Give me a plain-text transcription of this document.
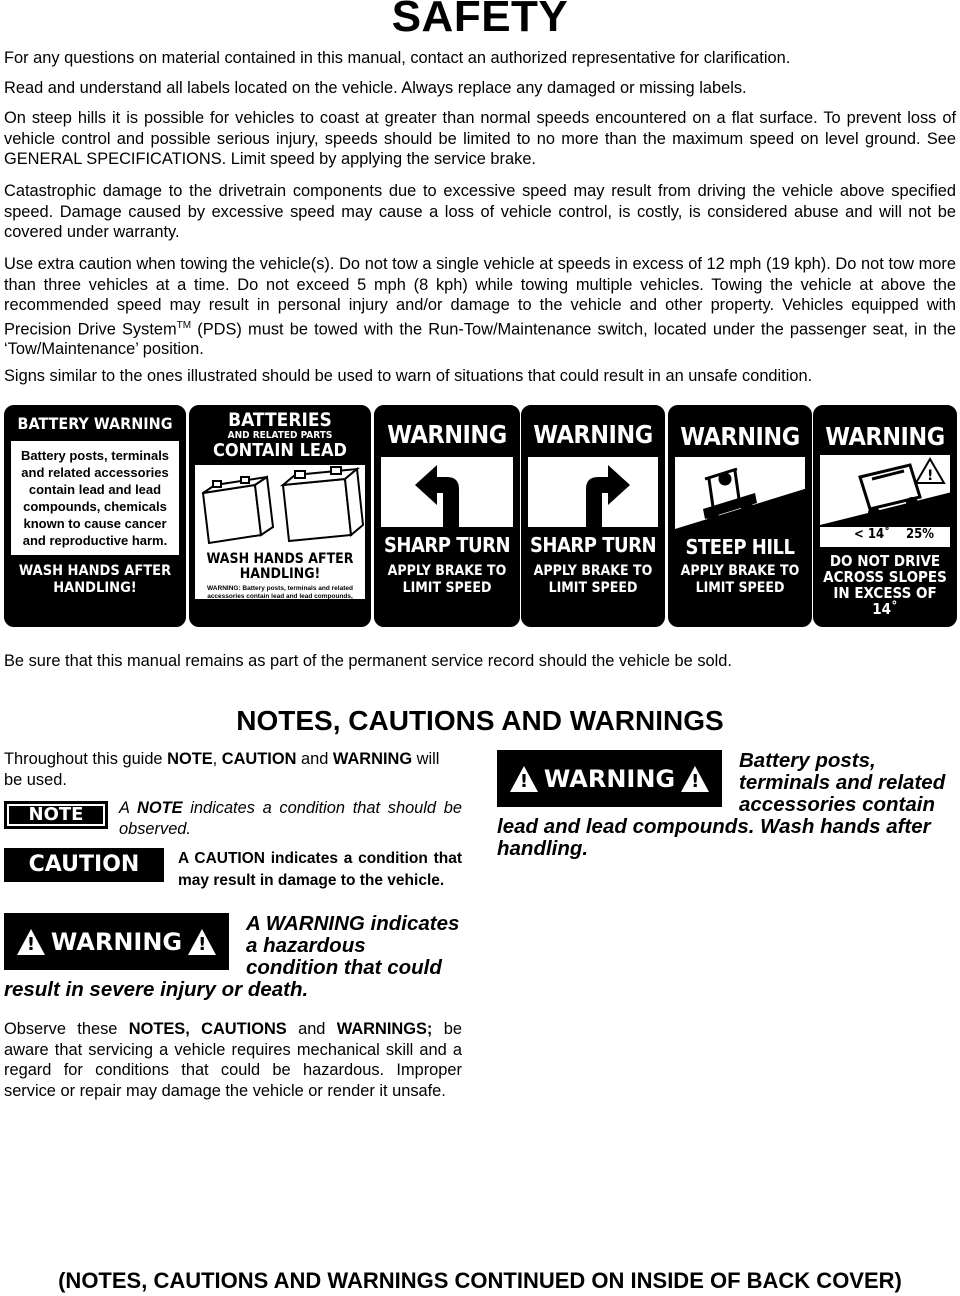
SAFETY

For any questions on material contained in this manual, contact an authorized representative for clarification.

Read and understand all labels located on the vehicle. Always replace any damaged or missing labels.

On steep hills it is possible for vehicles to coast at greater than normal speeds encountered on a flat surface. To prevent loss of vehicle control and possible serious injury, speeds should be limited to no more than the maximum speed on level ground. See GENERAL SPECIFICATIONS. Limit speed by applying the service brake.

Catastrophic damage to the drivetrain components due to excessive speed may result from driving the vehicle above specified speed. Damage caused by excessive speed may cause a loss of vehicle control, is costly, is considered abuse and will not be covered under warranty.

Use extra caution when towing the vehicle(s). Do not tow a single vehicle at speeds in excess of 12 mph (19 kph). Do not tow more than three vehicles at a time. Do not exceed 5 mph (8 kph) while towing multiple vehicles. Towing the vehicle at above the recommended speed may result in personal injury and/or damage to the vehicle and other property. Vehicles equipped with Precision Drive System™ (PDS) must be towed with the Run-Tow/Maintenance switch, located under the passenger seat, in the ‘Tow/Maintenance’ position.

Signs similar to the ones illustrated should be used to warn of situations that could result in an unsafe condition.

BATTERY WARNING
Battery posts, terminals and related accessories contain lead and lead compounds, chemicals known to cause cancer and reproductive harm.
WASH HANDS AFTER HANDLING!
BATTERIES
AND RELATED PARTS
CONTAIN LEAD
WASH HANDS AFTER HANDLING!
WARNING: Battery posts, terminals and related accessories contain lead and lead compounds, chemicals known to cause cancer and reproductive harm.
WARNING
SHARP TURN
APPLY BRAKE TO LIMIT SPEED
WARNING
SHARP TURN
APPLY BRAKE TO LIMIT SPEED
WARNING
STEEP HILL
APPLY BRAKE TO LIMIT SPEED
WARNING
!
< 14˚ 25%
DO NOT DRIVE ACROSS SLOPES IN EXCESS OF 14˚

Be sure that this manual remains as part of the permanent service record should the vehicle be sold.

NOTES, CAUTIONS AND WARNINGS
Throughout this guide NOTE, CAUTION and WARNING will be used.
NOTE	A NOTE indicates a condition that should be observed.
CAUTION	A CAUTION indicates a condition that may result in damage to the vehicle.
! WARNING !
A WARNING indicates a hazardous condition that could
result in severe injury or death.
Observe these NOTES, CAUTIONS and WARNINGS; be aware that servicing a vehicle requires mechanical skill and a regard for conditions that could be hazardous. Improper service or repair may damage the vehicle or render it unsafe.
! WARNING !
Battery posts, terminals and related accessories contain
lead and lead compounds. Wash hands after handling.
(NOTES, CAUTIONS AND WARNINGS CONTINUED ON INSIDE OF BACK COVER)
